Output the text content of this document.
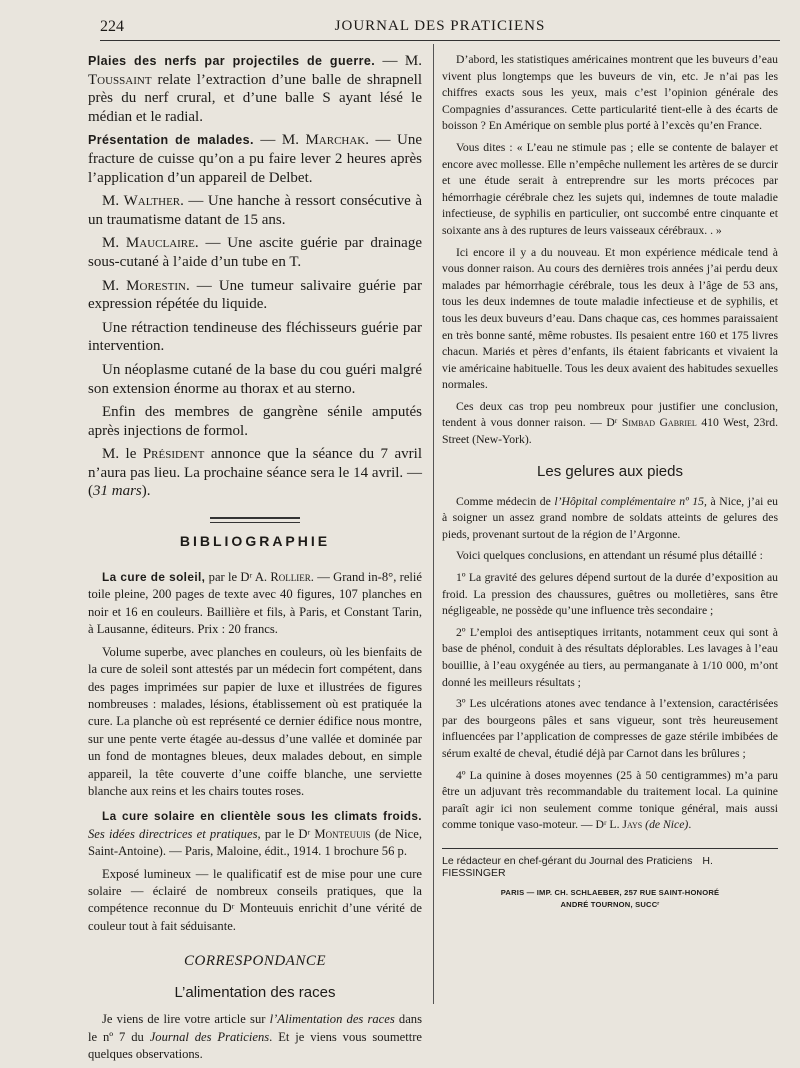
224	JOURNAL DES PRATICIENS

Plaies des nerfs par projectiles de guerre. — M. Toussaint relate l’extraction d’une balle de shrapnell près du nerf crural, et d’une balle S ayant lésé le médian et le radial.

Présentation de malades. — M. Marchak. — Une fracture de cuisse qu’on a pu faire lever 2 heures après l’application d’un appareil de Delbet.

M. Walther. — Une hanche à ressort consécutive à un traumatisme datant de 15 ans.

M. Mauclaire. — Une ascite guérie par drainage sous-cutané à l’aide d’un tube en T.

M. Morestin. — Une tumeur salivaire guérie par expression répétée du liquide.

Une rétraction tendineuse des fléchisseurs guérie par intervention.

Un néoplasme cutané de la base du cou guéri malgré son extension énorme au thorax et au sterno.

Enfin des membres de gangrène sénile amputés après injections de formol.

M. le Président annonce que la séance du 7 avril n’aura pas lieu. La prochaine séance sera le 14 avril. — (31 mars).

BIBLIOGRAPHIE

La cure de soleil, par le Dʳ A. Rollier. — Grand in-8°, relié toile pleine, 200 pages de texte avec 40 figures, 107 planches en noir et 16 en couleurs. Baillière et fils, à Paris, et Constant Tarin, à Lausanne, éditeurs. Prix : 20 francs.

Volume superbe, avec planches en couleurs, où les bienfaits de la cure de soleil sont attestés par un médecin fort compétent, dans des pages imprimées sur papier de luxe et illustrées de figures nombreuses : malades, lésions, établissement où est pratiquée la cure. La planche où est représenté ce dernier édifice nous montre, sur une pente verte étagée au-dessus d’une vallée et dominée par un fond de montagnes bleues, deux malades debout, en simple appareil, la tête couverte d’une coiffe blanche, une serviette blanche aux reins et les chairs toutes roses.

La cure solaire en clientèle sous les climats froids. Ses idées directrices et pratiques, par le Dʳ Monteuuis (de Nice, Saint-Antoine). — Paris, Maloine, édit., 1914. 1 brochure 56 p.

Exposé lumineux — le qualificatif est de mise pour une cure solaire — éclairé de nombreux conseils pratiques, que la compétence reconnue du Dʳ Monteuuis enrichit d’une vérité de couleur tout à fait séduisante.

CORRESPONDANCE
L’alimentation des races

Je viens de lire votre article sur l’Alimentation des races dans le nº 7 du Journal des Praticiens. Et je viens vous soumettre quelques observations.

D’abord, les statistiques américaines montrent que les buveurs d’eau vivent plus longtemps que les buveurs de vin, etc. Je n’ai pas les chiffres exacts sous les yeux, mais c’est l’opinion générale des Compagnies d’assurances. Cette particularité tient-elle à des écarts de boisson ? En Amérique on semble plus porté à l’excès qu’en France.

Vous dites : « L’eau ne stimule pas ; elle se contente de balayer et encore avec mollesse. Elle n’empêche nullement les artères de se durcir et une étude serait à entreprendre sur les morts précoces par hémorrhagie cérébrale chez les sujets qui, indemnes de toute maladie infectieuse, de syphilis en particulier, ont succombé entre cinquante et soixante ans à des ruptures de leurs vaisseaux cérébraux. . »

Ici encore il y a du nouveau. Et mon expérience médicale tend à vous donner raison. Au cours des dernières trois années j’ai perdu deux malades par hémorrhagie cérébrale, tous les deux à l’âge de 53 ans, tous les deux indemnes de toute maladie infectieuse et de syphilis, et tous les deux buveurs d’eau. Dans chaque cas, ces hommes paraissaient en très bonne santé, même robustes. Ils pesaient entre 160 et 175 livres chacun. Mariés et pères d’enfants, ils étaient fabricants et vivaient la vie américaine habituelle. Tous les deux avaient des habitudes sexuelles normales.

Ces deux cas trop peu nombreux pour justifier une conclusion, tendent à vous donner raison. — Dʳ Simbad Gabriel 410 West, 23rd. Street (New-York).

Les gelures aux pieds

Comme médecin de l’Hôpital complémentaire nº 15, à Nice, j’ai eu à soigner un assez grand nombre de soldats atteints de gelures des pieds, provenant surtout de la région de l’Argonne.

Voici quelques conclusions, en attendant un résumé plus détaillé :

1º La gravité des gelures dépend surtout de la durée d’exposition au froid. La pression des chaussures, guêtres ou molletières, sans être négligeable, ne possède qu’une influence très secondaire ;

2º L’emploi des antiseptiques irritants, notamment ceux qui sont à base de phénol, conduit à des résultats déplorables. Les lavages à l’eau bouillie, à l’eau oxygénée au tiers, au permanganate à 1/10 000, m’ont donné les meilleurs résultats ;

3º Les ulcérations atones avec tendance à l’extension, caractérisées par des bourgeons pâles et sans vigueur, sont très heureusement influencées par l’application de compresses de gaze stérile imbibées de sérum exalté de cheval, étudié déjà par Carnot dans les brûlures ;

4º La quinine à doses moyennes (25 à 50 centigrammes) m’a paru être un adjuvant très recommandable du traitement local. La quinine paraît agir ici non seulement comme tonique général, mais aussi comme tonique vaso-moteur. — Dʳ L. Jays (de Nice).

Le rédacteur en chef-gérant du Journal des Praticiens H. FIESSINGER
PARIS — IMP. CH. SCHLAEBER, 257 RUE SAINT-HONORÉ
ANDRÉ TOURNON, SUCCʳ
